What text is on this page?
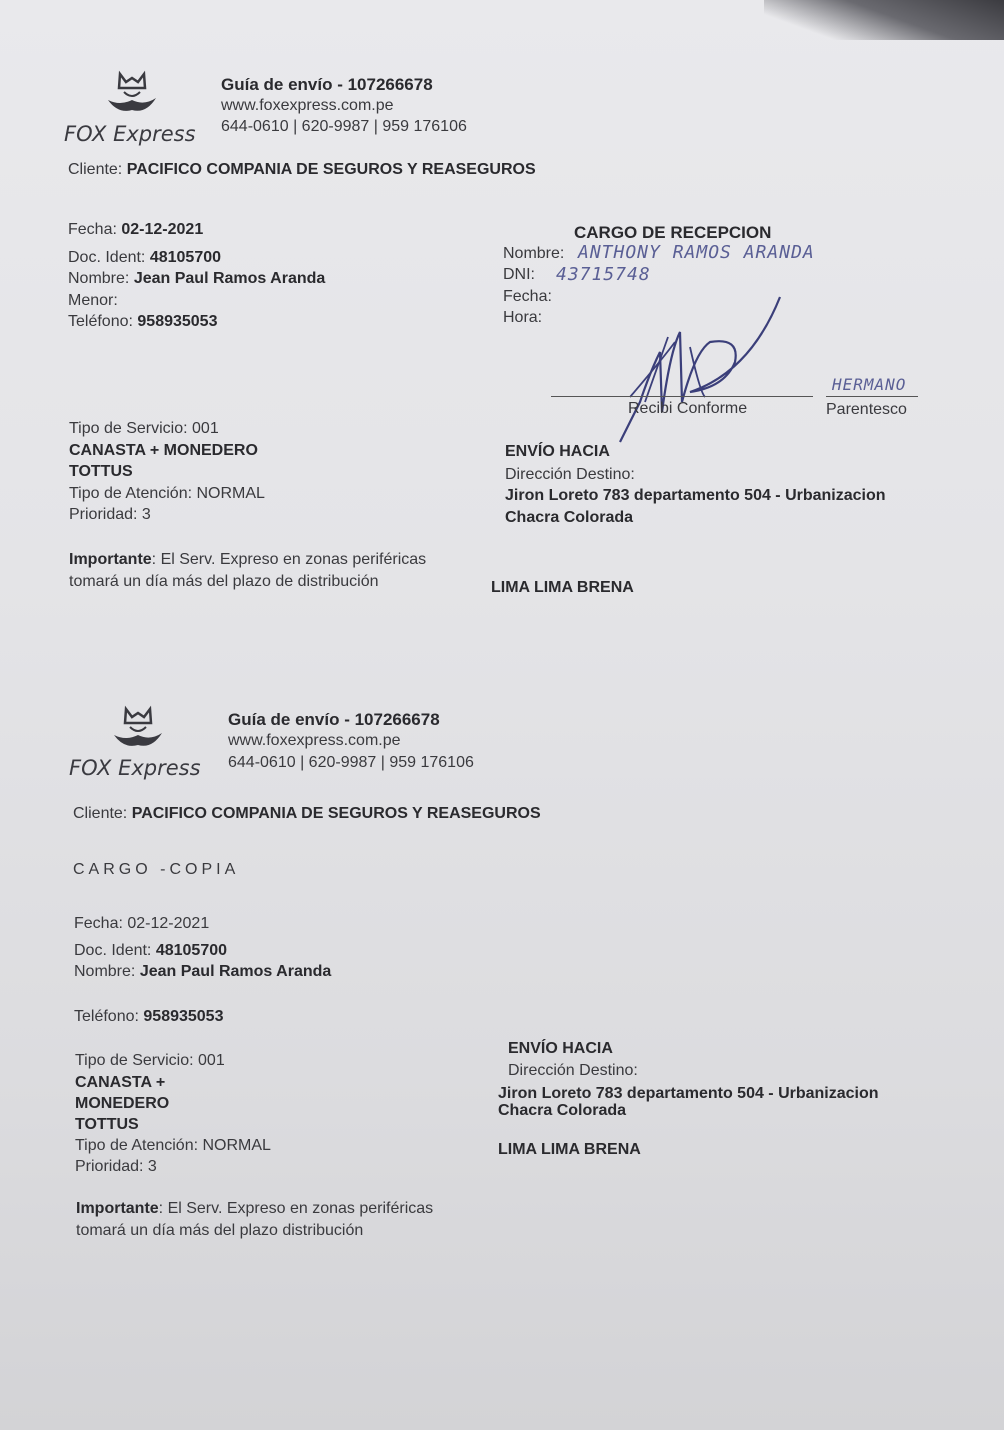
FOX Express
Guía de envío - 107266678
www.foxexpress.com.pe
644-0610 | 620-9987 | 959 176106
Cliente: PACIFICO COMPANIA DE SEGUROS Y REASEGUROS
Fecha: 02-12-2021
Doc. Ident: 48105700
Nombre: Jean Paul Ramos Aranda
Menor:
Teléfono: 958935053
CARGO DE RECEPCION
Nombre: ANTHONY RAMOS ARANDA
DNI: 43715748
Fecha:
Hora:
Recibi Conforme
HERMANO
Parentesco
Tipo de Servicio: 001
CANASTA + MONEDERO
TOTTUS
Tipo de Atención: NORMAL
Prioridad: 3
ENVÍO HACIA
Dirección Destino:
Jiron Loreto 783 departamento 504 - Urbanizacion
Chacra Colorada
Importante: El Serv. Expreso en zonas periféricas
tomará un día más del plazo de distribución	LIMA LIMA BRENA
FOX Express
Guía de envío - 107266678
www.foxexpress.com.pe
644-0610 | 620-9987 | 959 176106
Cliente: PACIFICO COMPANIA DE SEGUROS Y REASEGUROS
CARGO -COPIA
Fecha: 02-12-2021
Doc. Ident: 48105700
Nombre: Jean Paul Ramos Aranda
Teléfono: 958935053
Tipo de Servicio: 001
CANASTA +
MONEDERO
TOTTUS
Tipo de Atención: NORMAL
Prioridad: 3
ENVÍO HACIA
Dirección Destino:
Jiron Loreto 783 departamento 504 - Urbanizacion
Chacra Colorada
LIMA LIMA BRENA
Importante: El Serv. Expreso en zonas periféricas
tomará un día más del plazo distribución
